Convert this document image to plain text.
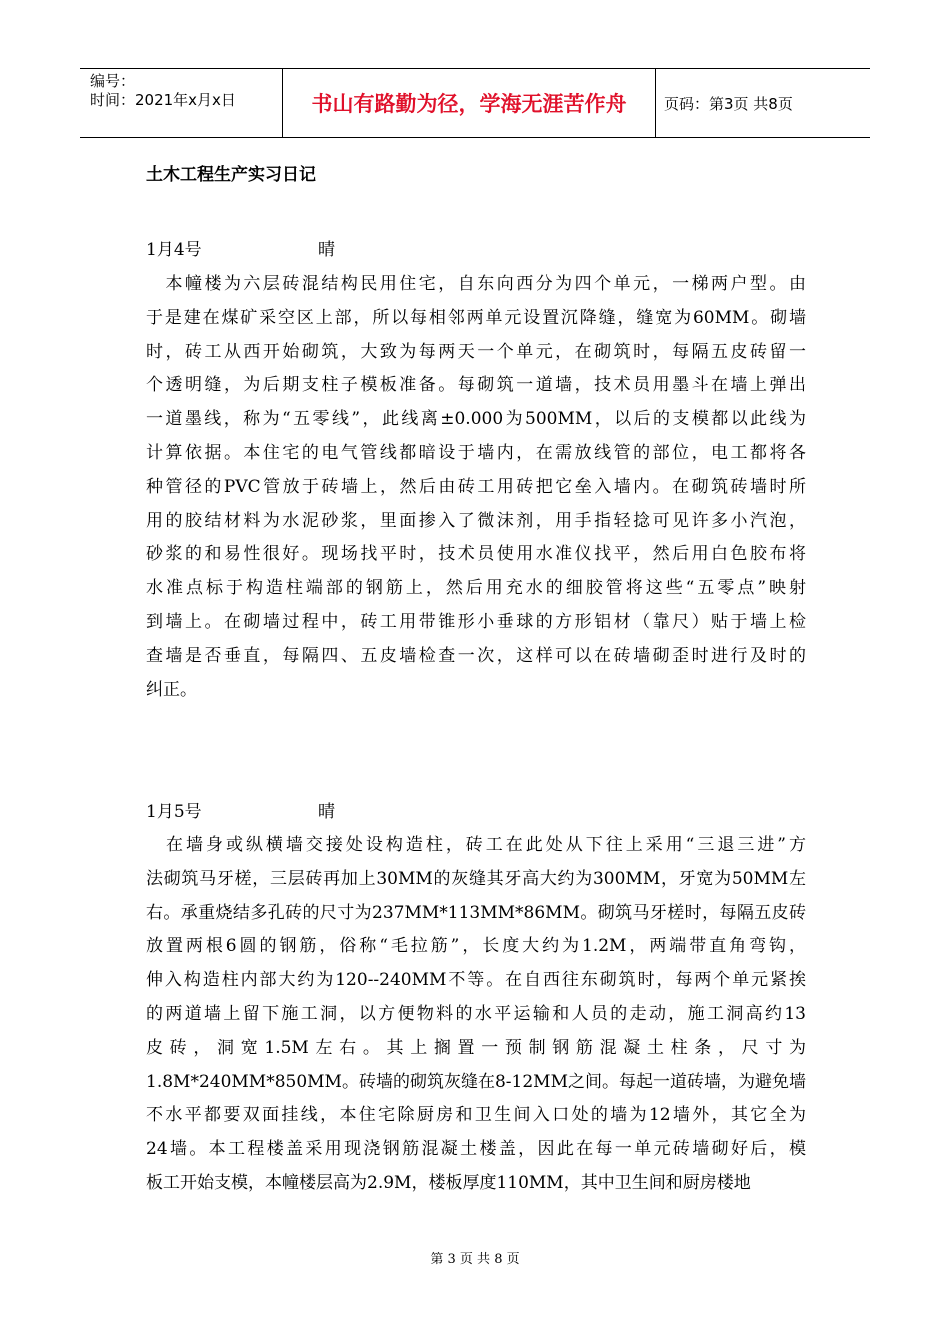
编号：
时间：2021年x月x日	书山有路勤为径，学海无涯苦作舟	页码：第3页 共8页
土木工程生产实习日记
1月4号	晴
　本幢楼为六层砖混结构民用住宅，自东向西分为四个单元，一梯两户型。由
于是建在煤矿采空区上部，所以每相邻两单元设置沉降缝，缝宽为60MM。砌墙
时，砖工从西开始砌筑，大致为每两天一个单元，在砌筑时，每隔五皮砖留一
个透明缝，为后期支柱子模板准备。每砌筑一道墙，技术员用墨斗在墙上弹出
一道墨线，称为“五零线”，此线离±0.000为500MM，以后的支模都以此线为
计算依据。本住宅的电气管线都暗设于墙内，在需放线管的部位，电工都将各
种管径的PVC管放于砖墙上，然后由砖工用砖把它垒入墙内。在砌筑砖墙时所
用的胶结材料为水泥砂浆，里面掺入了微沫剂，用手指轻捻可见许多小汽泡，
砂浆的和易性很好。现场找平时，技术员使用水准仪找平，然后用白色胶布将
水准点标于构造柱端部的钢筋上，然后用充水的细胶管将这些“五零点”映射
到墙上。在砌墙过程中，砖工用带锥形小垂球的方形铝材（靠尺）贴于墙上检
查墙是否垂直，每隔四、五皮墙检查一次，这样可以在砖墙砌歪时进行及时的
纠正。
1月5号	晴
　在墙身或纵横墙交接处设构造柱，砖工在此处从下往上采用“三退三进”方
法砌筑马牙槎，三层砖再加上30MM的灰缝其牙高大约为300MM，牙宽为50MM左
右。承重烧结多孔砖的尺寸为237MM*113MM*86MM。砌筑马牙槎时，每隔五皮砖
放置两根6圆的钢筋，俗称“毛拉筋”，长度大约为1.2M，两端带直角弯钩，
伸入构造柱内部大约为120--240MM不等。在自西往东砌筑时，每两个单元紧挨
的两道墙上留下施工洞，以方便物料的水平运输和人员的走动，施工洞高约13
皮砖，洞宽1.5M左右。其上搁置一预制钢筋混凝土柱条，尺寸为
1.8M*240MM*850MM。砖墙的砌筑灰缝在8-12MM之间。每起一道砖墙，为避免墙
不水平都要双面挂线，本住宅除厨房和卫生间入口处的墙为12墙外，其它全为
24墙。本工程楼盖采用现浇钢筋混凝土楼盖，因此在每一单元砖墙砌好后，模
板工开始支模，本幢楼层高为2.9M，楼板厚度110MM，其中卫生间和厨房楼地
第 3 页 共 8 页
